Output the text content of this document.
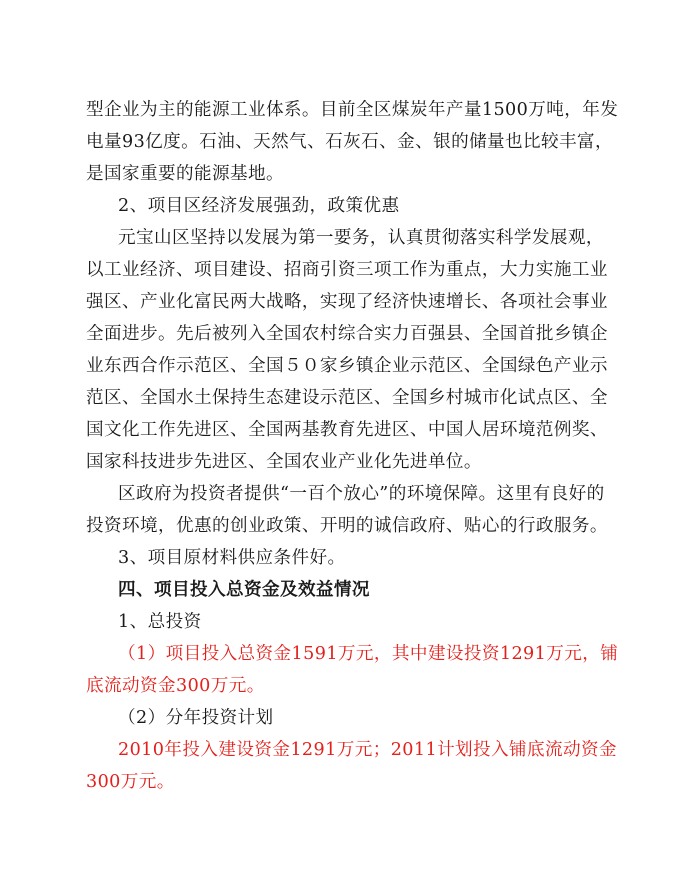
型企业为主的能源工业体系。目前全区煤炭年产量1500万吨，年发
电量93亿度。石油、天然气、石灰石、金、银的储量也比较丰富，
是国家重要的能源基地。
2、项目区经济发展强劲，政策优惠
元宝山区坚持以发展为第一要务，认真贯彻落实科学发展观，
以工业经济、项目建设、招商引资三项工作为重点，大力实施工业
强区、产业化富民两大战略，实现了经济快速增长、各项社会事业
全面进步。先后被列入全国农村综合实力百强县、全国首批乡镇企
业东西合作示范区、全国５０家乡镇企业示范区、全国绿色产业示
范区、全国水土保持生态建设示范区、全国乡村城市化试点区、全
国文化工作先进区、全国两基教育先进区、中国人居环境范例奖、
国家科技进步先进区、全国农业产业化先进单位。
区政府为投资者提供“一百个放心”的环境保障。这里有良好的
投资环境，优惠的创业政策、开明的诚信政府、贴心的行政服务。
3、项目原材料供应条件好。
四、项目投入总资金及效益情况
1、总投资
（1）项目投入总资金1591万元，其中建设投资1291万元，铺
底流动资金300万元。
（2）分年投资计划
2010年投入建设资金1291万元；2011计划投入铺底流动资金
300万元。
